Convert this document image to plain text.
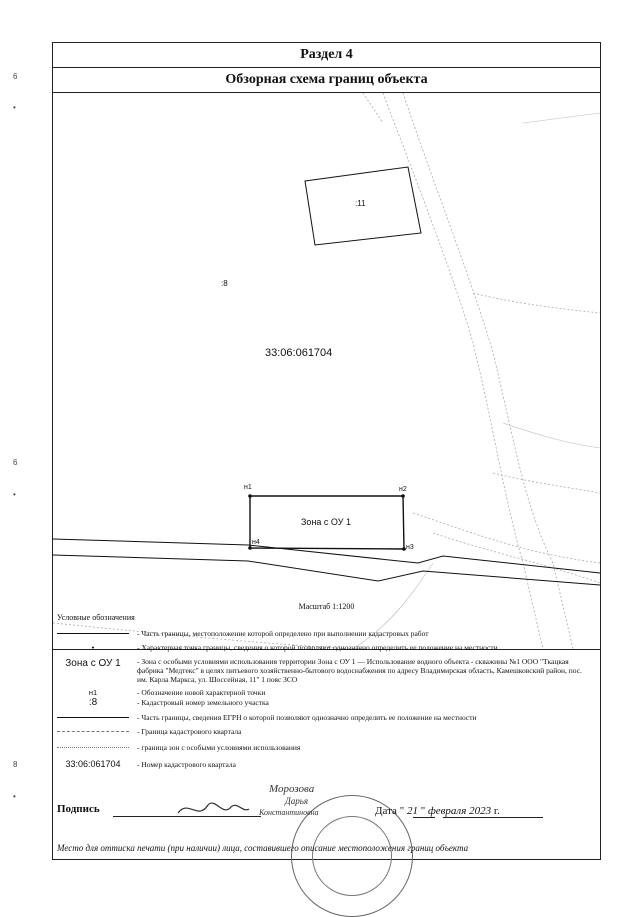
6
•
6
•
8
•
Раздел 4
Обзорная схема границ объекта
:11
:8
33:06:061704
Зона с ОУ 1
н1	н2
н3
н4
Масштаб 1:1200
Условные обозначения
- Часть границы, местоположение которой определено при выполнении кадастровых работ
•	- Характерная точка границы, сведения о которой позволяют однозначно определить ее положение на местности
Зона с ОУ 1	- Зона с особыми условиями использования территории Зона с ОУ 1 — Использование водного объекта - скважины №1 ООО "Ткацкая фабрика "Медтекс" в целях питьевого хозяйственно-бытового водоснабжения по адресу Владимирская область, Камешковский район, пос. им. Карла Маркса, ул. Шоссейная, 11" 1 пояс ЗСО
н1	- Обозначение новой характерной точки
:8	- Кадастровый номер земельного участка
- Часть границы, сведения ЕГРН о которой позволяют однозначно определить ее положение на местности
- Граница кадастрового квартала
- граница зон с особыми условиями использования
33:06:061704	- Номер кадастрового квартала
Подпись
Морозова
Дарья
Константиновна	Дата " 21 " февраля 2023 г.
Место для оттиска печати (при наличии) лица, составившего описание местоположения границ объекта
